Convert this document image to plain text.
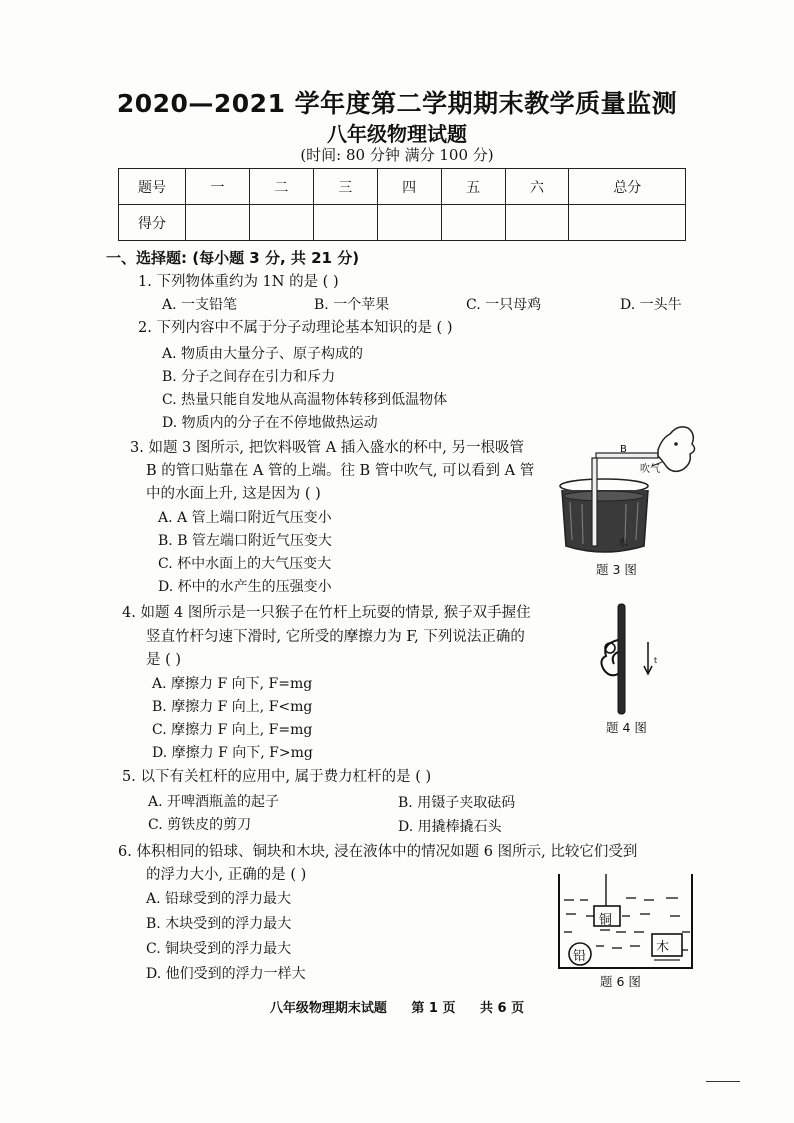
2020—2021 学年度第二学期期末教学质量监测
八年级物理试题
(时间: 80 分钟 满分 100 分)
题号	一	二	三	四	五	六	总分
得分							
一、选择题: (每小题 3 分, 共 21 分)
1. 下列物体重约为 1N 的是 ( )
A. 一支铅笔	B. 一个苹果	C. 一只母鸡	D. 一头牛
2. 下列内容中不属于分子动理论基本知识的是 ( )
A. 物质由大量分子、原子构成的
B. 分子之间存在引力和斥力
C. 热量只能自发地从高温物体转移到低温物体
D. 物质内的分子在不停地做热运动
3. 如题 3 图所示, 把饮料吸管 A 插入盛水的杯中, 另一根吸管
B 的管口贴靠在 A 管的上端。往 B 管中吹气, 可以看到 A 管
中的水面上升, 这是因为 ( )
A. A 管上端口附近气压变小
B. B 管左端口附近气压变大
C. 杯中水面上的大气压变大
D. 杯中的水产生的压强变小
B
吹气
水
题 3 图
4. 如题 4 图所示是一只猴子在竹杆上玩耍的情景, 猴子双手握住
竖直竹杆匀速下滑时, 它所受的摩擦力为 F, 下列说法正确的
是 ( )
A. 摩擦力 F 向下, F=mg
B. 摩擦力 F 向上, F<mg
C. 摩擦力 F 向上, F=mg
D. 摩擦力 F 向下, F>mg
t
题 4 图
5. 以下有关杠杆的应用中, 属于费力杠杆的是 ( )
A. 开啤酒瓶盖的起子	B. 用镊子夹取砝码
C. 剪铁皮的剪刀	D. 用撬棒撬石头
6. 体积相同的铅球、铜块和木块, 浸在液体中的情况如题 6 图所示, 比较它们受到
的浮力大小, 正确的是 ( )
A. 铅球受到的浮力最大
B. 木块受到的浮力最大
C. 铜块受到的浮力最大
D. 他们受到的浮力一样大
铜
铅
木
题 6 图
八年级物理期末试题 第 1 页 共 6 页
